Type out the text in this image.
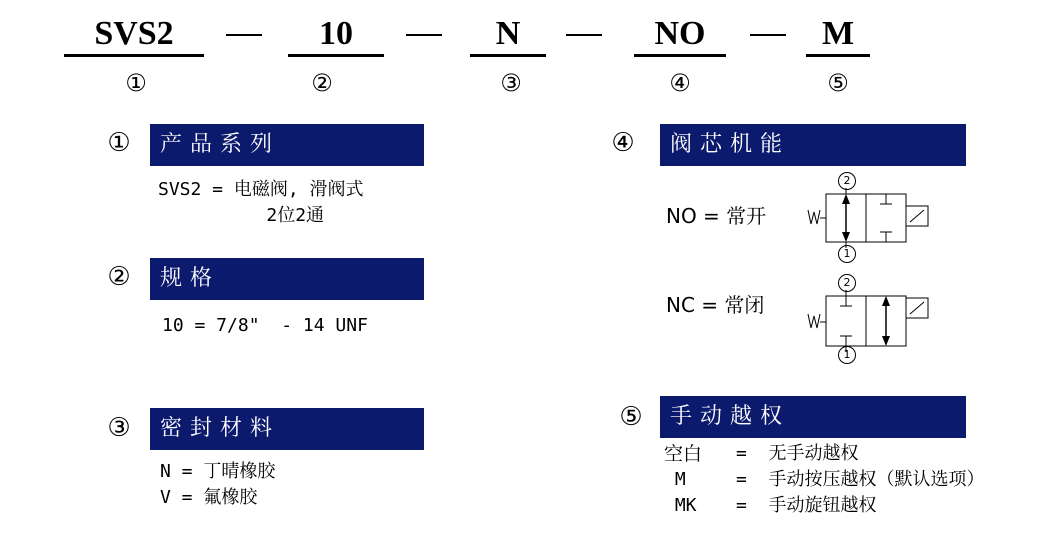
SVS2	10	N	NO	M
①	②	③	④	⑤
①	产品系列
SVS2 = 电磁阀, 滑阀式
2位2通
②	规格
10 = 7/8"  - 14 UNF
③	密封材料
N = 丁晴橡胶
V = 氟橡胶
④	阀芯机能
NO = 常开
NC = 常闭
2
1
2
1
⑤	手动越权
空白 =  无手动越权
M	=  手动按压越权（默认选项）
MK =  手动旋钮越权
